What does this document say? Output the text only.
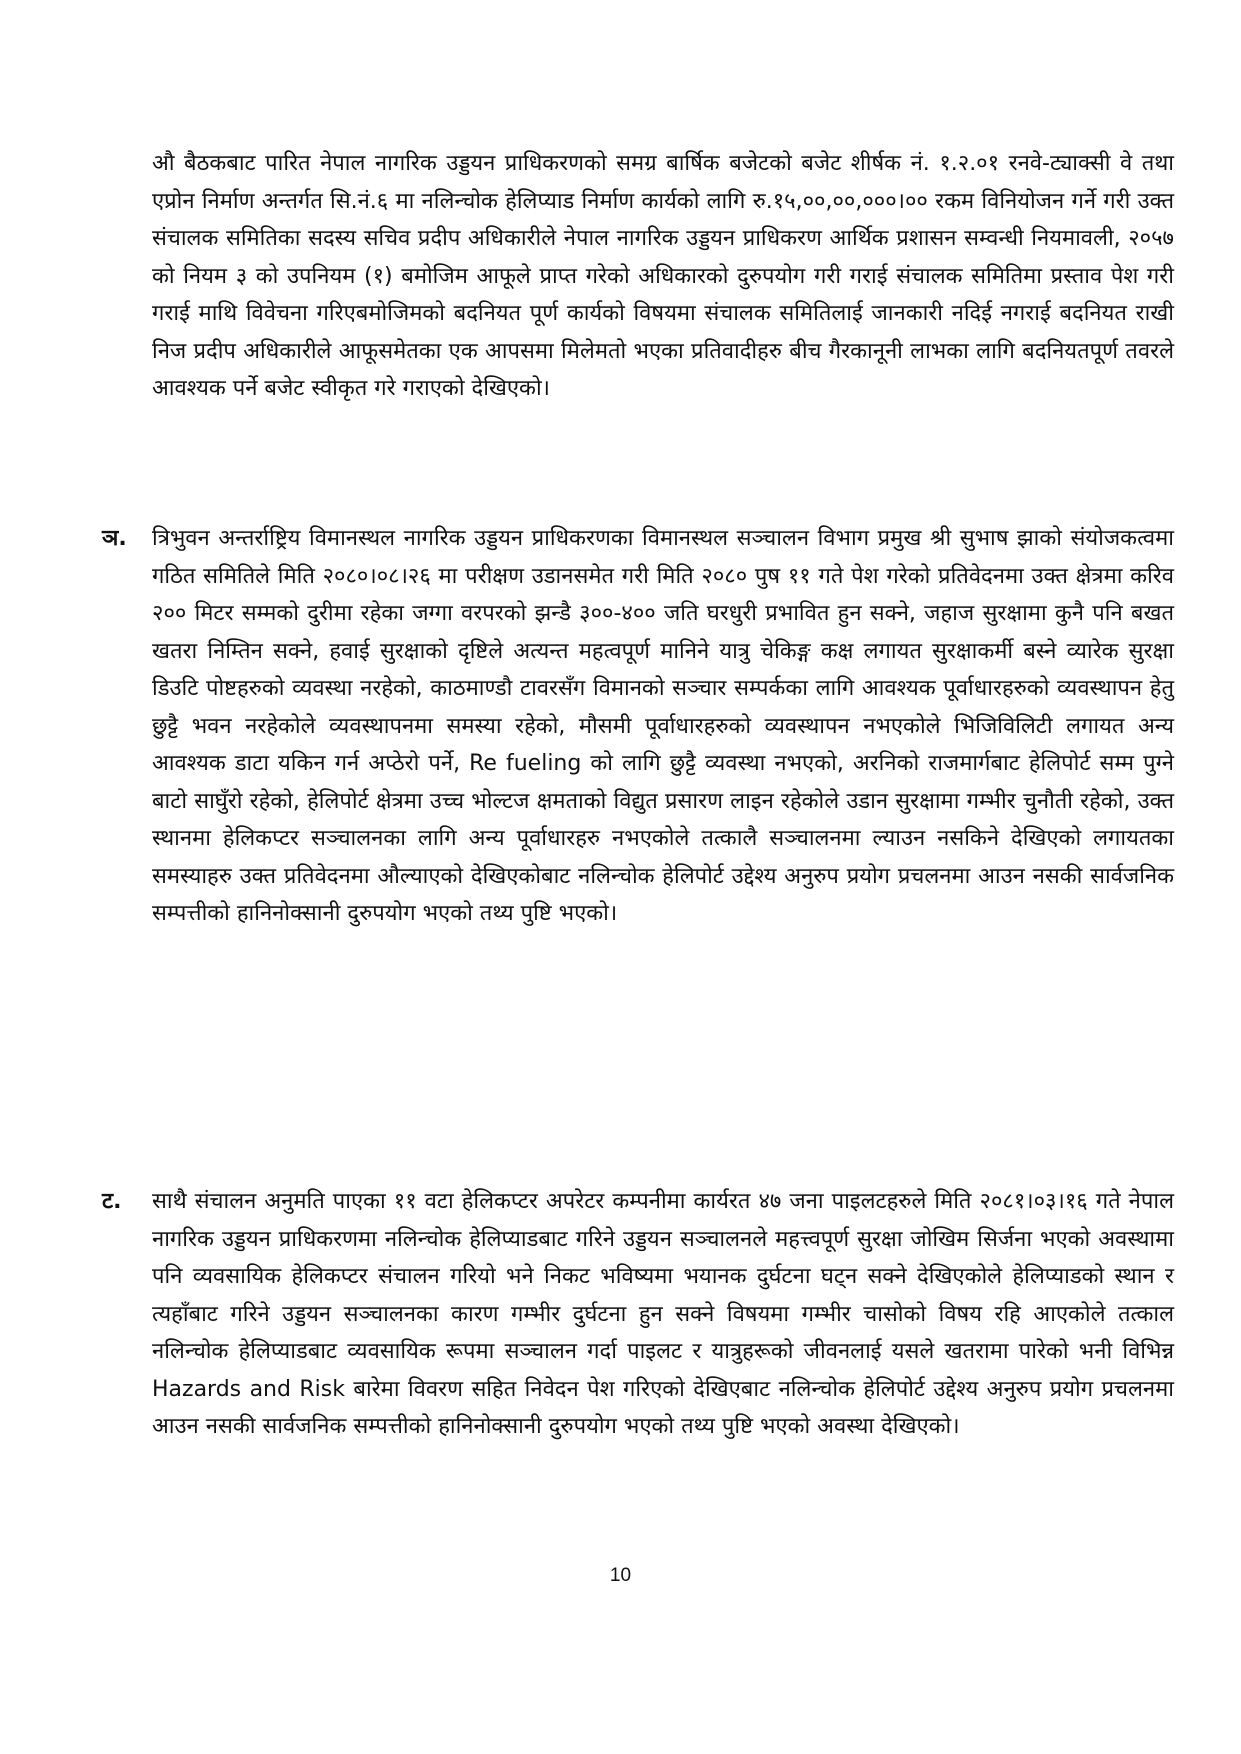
औ बैठकबाट पारित नेपाल नागरिक उड्डयन प्राधिकरणको समग्र बार्षिक बजेटको बजेट शीर्षक नं. १.२.०१ रनवे-ट्याक्सी वे तथा एप्रोन निर्माण अन्तर्गत सि.नं.६ मा नलिन्चोक हेलिप्याड निर्माण कार्यको लागि रु.१५,००,००,०००।०० रकम विनियोजन गर्ने गरी उक्त संचालक समितिका सदस्य सचिव प्रदीप अधिकारीले नेपाल नागरिक उड्डयन प्राधिकरण आर्थिक प्रशासन सम्वन्धी नियमावली, २०५७ को नियम ३ को उपनियम (१) बमोजिम आफूले प्राप्त गरेको अधिकारको दुरुपयोग गरी गराई संचालक समितिमा प्रस्ताव पेश गरी गराई माथि विवेचना गरिएबमोजिमको बदनियत पूर्ण कार्यको विषयमा संचालक समितिलाई जानकारी नदिई नगराई बदनियत राखी निज प्रदीप अधिकारीले आफूसमेतका एक आपसमा मिलेमतो भएका प्रतिवादीहरु बीच गैरकानूनी लाभका लागि बदनियतपूर्ण तवरले आवश्यक पर्ने बजेट स्वीकृत गरे गराएको देखिएको।
ञ.	त्रिभुवन अन्तर्राष्ट्रिय विमानस्थल नागरिक उड्डयन प्राधिकरणका विमानस्थल सञ्चालन विभाग प्रमुख श्री सुभाष झाको संयोजकत्वमा गठित समितिले मिति २०८०।०८।२६ मा परीक्षण उडानसमेत गरी मिति २०८० पुष ११ गते पेश गरेको प्रतिवेदनमा उक्त क्षेत्रमा करिव २०० मिटर सम्मको दुरीमा रहेका जग्गा वरपरको झन्डै ३००-४०० जति घरधुरी प्रभावित हुन सक्ने, जहाज सुरक्षामा कुनै पनि बखत खतरा निम्तिन सक्ने, हवाई सुरक्षाको दृष्टिले अत्यन्त महत्वपूर्ण मानिने यात्रु चेकिङ्ग कक्ष लगायत सुरक्षाकर्मी बस्ने व्यारेक सुरक्षा डिउटि पोष्टहरुको व्यवस्था नरहेको, काठमाण्डौ टावरसँग विमानको सञ्चार सम्पर्कका लागि आवश्यक पूर्वाधारहरुको व्यवस्थापन हेतु छुट्टै भवन नरहेकोले व्यवस्थापनमा समस्या रहेको, मौसमी पूर्वाधारहरुको व्यवस्थापन नभएकोले भिजिविलिटी लगायत अन्य आवश्यक डाटा यकिन गर्न अप्ठेरो पर्ने, Re fueling को लागि छुट्टै व्यवस्था नभएको, अरनिको राजमार्गबाट हेलिपोर्ट सम्म पुग्ने बाटो साघुँरो रहेको, हेलिपोर्ट क्षेत्रमा उच्च भोल्टज क्षमताको विद्युत प्रसारण लाइन रहेकोले उडान सुरक्षामा गम्भीर चुनौती रहेको, उक्त स्थानमा हेलिकप्टर सञ्चालनका लागि अन्य पूर्वाधारहरु नभएकोले तत्कालै सञ्चालनमा ल्याउन नसकिने देखिएको लगायतका समस्याहरु उक्त प्रतिवेदनमा औल्याएको देखिएकोबाट नलिन्चोक हेलिपोर्ट उद्देश्य अनुरुप प्रयोग प्रचलनमा आउन नसकी सार्वजनिक सम्पत्तीको हानिनोक्सानी दुरुपयोग भएको तथ्य पुष्टि भएको।
ट.	साथै संचालन अनुमति पाएका ११ वटा हेलिकप्टर अपरेटर कम्पनीमा कार्यरत ४७ जना पाइलटहरुले मिति २०८१।०३।१६ गते नेपाल नागरिक उड्डयन प्राधिकरणमा नलिन्चोक हेलिप्याडबाट गरिने उड्डयन सञ्चालनले महत्त्वपूर्ण सुरक्षा जोखिम सिर्जना भएको अवस्थामा पनि व्यवसायिक हेलिकप्टर संचालन गरियो भने निकट भविष्यमा भयानक दुर्घटना घट्न सक्ने देखिएकोले हेलिप्याडको स्थान र त्यहाँबाट गरिने उड्डयन सञ्चालनका कारण गम्भीर दुर्घटना हुन सक्ने विषयमा गम्भीर चासोको विषय रहि आएकोले तत्काल नलिन्चोक हेलिप्याडबाट व्यवसायिक रूपमा सञ्चालन गर्दा पाइलट र यात्रुहरूको जीवनलाई यसले खतरामा पारेको भनी विभिन्न Hazards and Risk बारेमा विवरण सहित निवेदन पेश गरिएको देखिएबाट नलिन्चोक हेलिपोर्ट उद्देश्य अनुरुप प्रयोग प्रचलनमा आउन नसकी सार्वजनिक सम्पत्तीको हानिनोक्सानी दुरुपयोग भएको तथ्य पुष्टि भएको अवस्था देखिएको।
10
